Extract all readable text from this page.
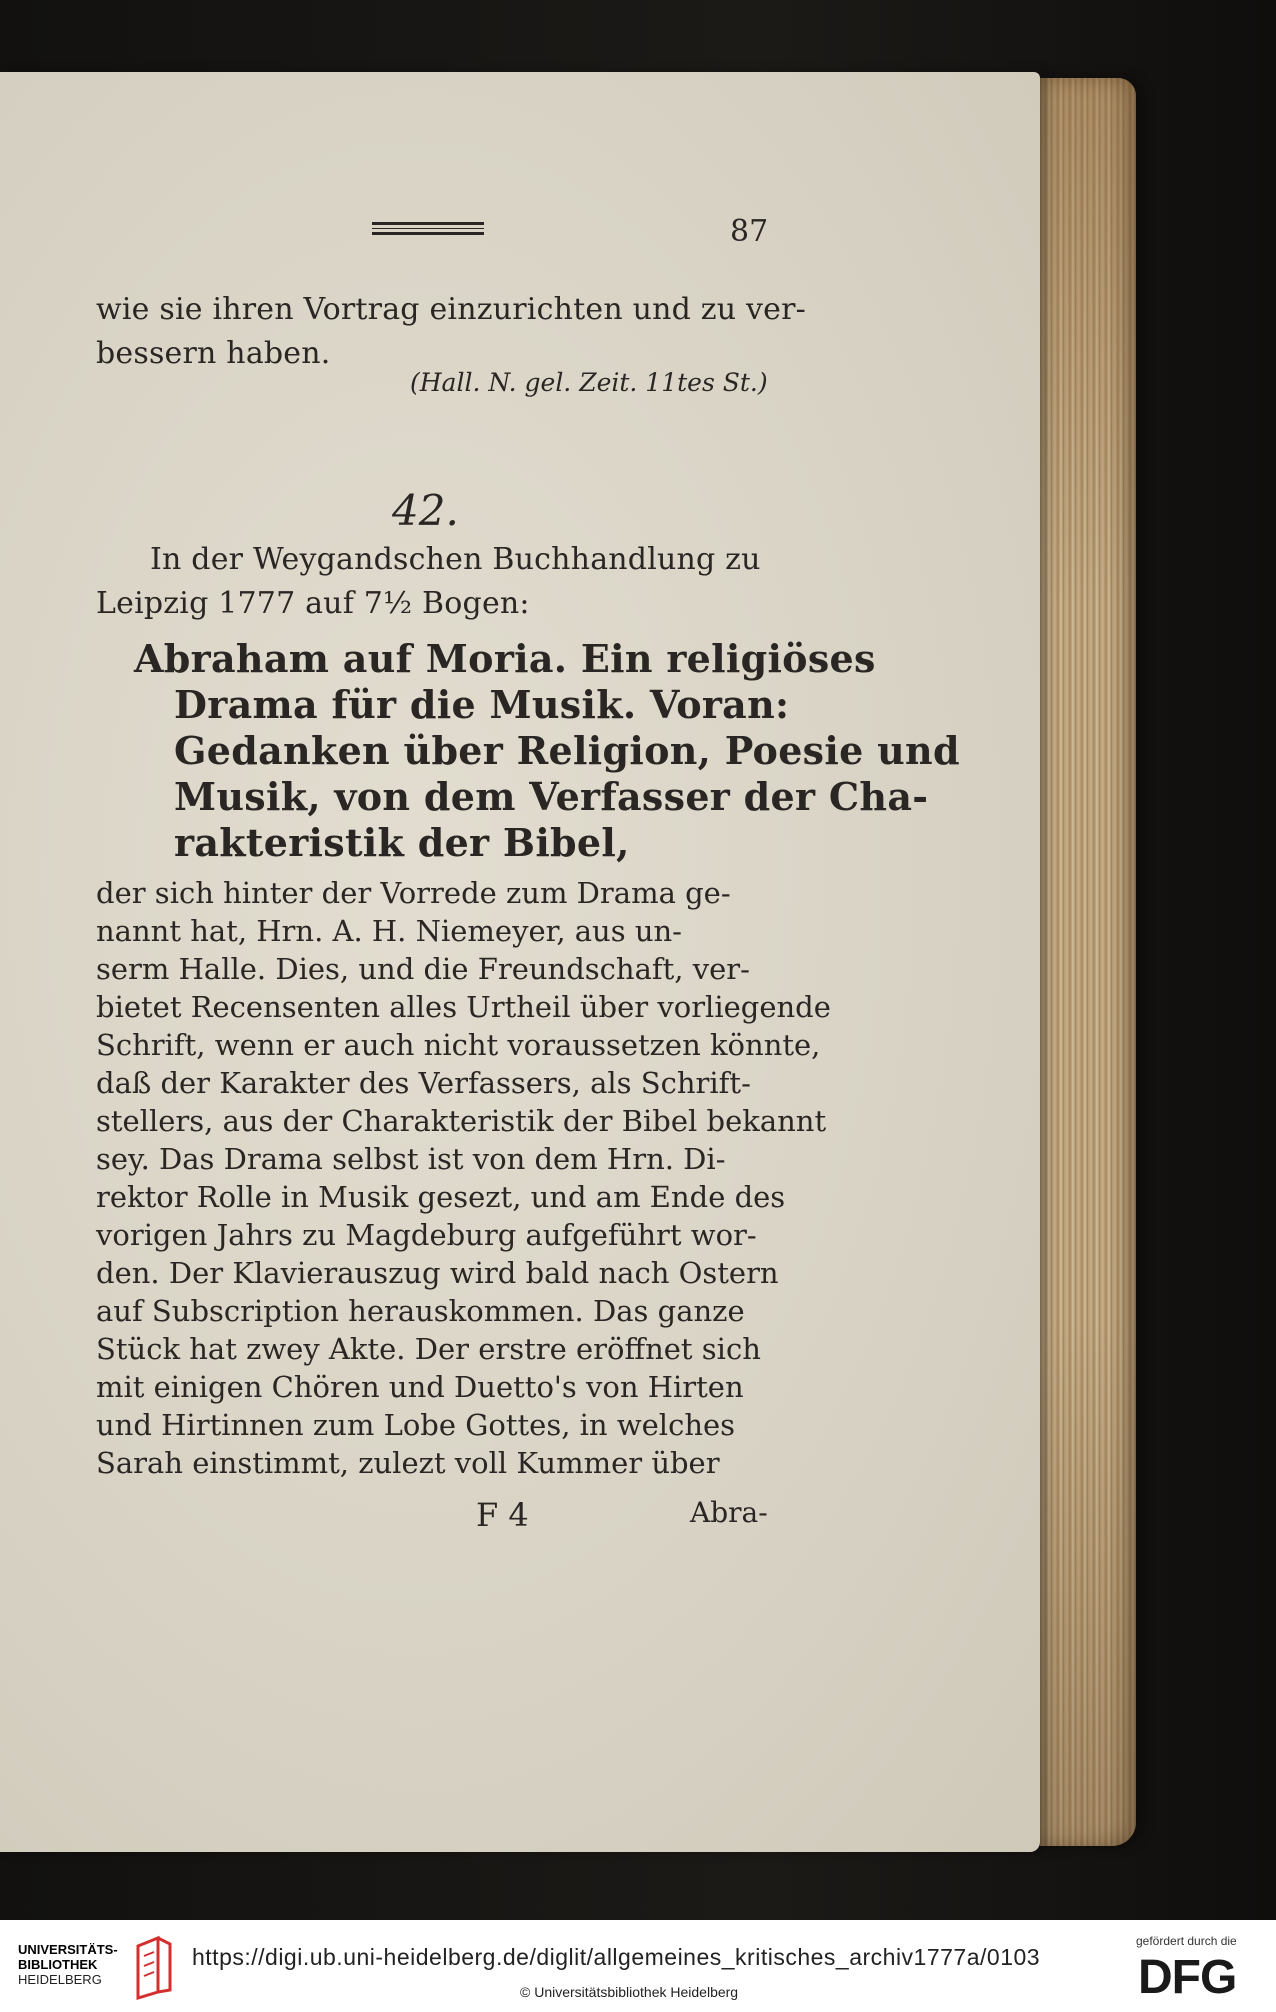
87

wie sie ihren Vortrag einzurichten und zu ver-

bessern haben.

(Hall. N. gel. Zeit. 11tes St.)

42.

In der Weygandschen Buchhandlung zu

Leipzig 1777 auf 7½ Bogen:

Abraham auf Moria. Ein religiöses

Drama für die Musik. Voran:

Gedanken über Religion, Poesie und

Musik, von dem Verfasser der Cha-

rakteristik der Bibel,

der sich hinter der Vorrede zum Drama ge-

nannt hat, Hrn. A. H. Niemeyer, aus un-

serm Halle. Dies, und die Freundschaft, ver-

bietet Recensenten alles Urtheil über vorliegende

Schrift, wenn er auch nicht voraussetzen könnte,

daß der Karakter des Verfassers, als Schrift-

stellers, aus der Charakteristik der Bibel bekannt

sey. Das Drama selbst ist von dem Hrn. Di-

rektor Rolle in Musik gesezt, und am Ende des

vorigen Jahrs zu Magdeburg aufgeführt wor-

den. Der Klavierauszug wird bald nach Ostern

auf Subscription herauskommen. Das ganze

Stück hat zwey Akte. Der erstre eröffnet sich

mit einigen Chören und Duetto's von Hirten

und Hirtinnen zum Lobe Gottes, in welches

Sarah einstimmt, zulezt voll Kummer über

F 4	Abra-

UNIVERSITÄTS-

BIBLIOTHEK

HEIDELBERG

https://digi.ub.uni-heidelberg.de/diglit/allgemeines_kritisches_archiv1777a/0103

© Universitätsbibliothek Heidelberg

gefördert durch die

DFG
